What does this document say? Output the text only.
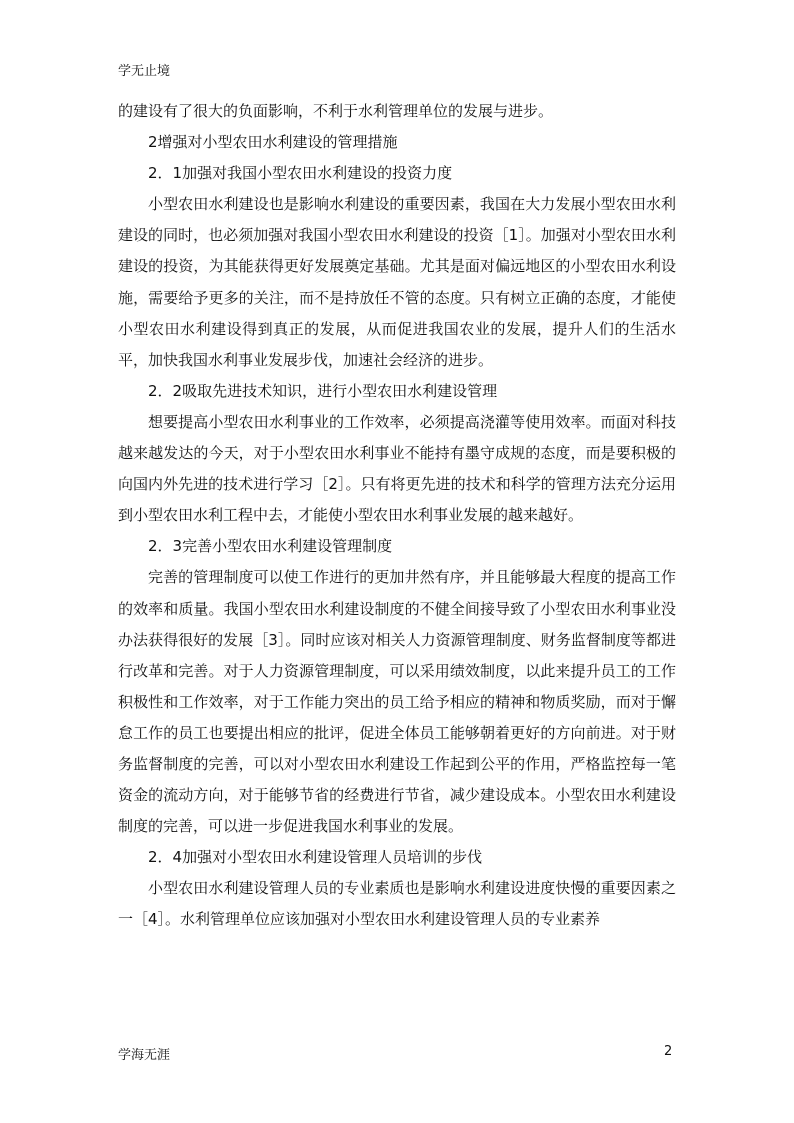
学无止境

的建设有了很大的负面影响，不利于水利管理单位的发展与进步。

2增强对小型农田水利建设的管理措施

2．1加强对我国小型农田水利建设的投资力度

小型农田水利建设也是影响水利建设的重要因素，我国在大力发展小型农田水利建设的同时，也必须加强对我国小型农田水利建设的投资［1］。加强对小型农田水利建设的投资，为其能获得更好发展奠定基础。尤其是面对偏远地区的小型农田水利设施，需要给予更多的关注，而不是持放任不管的态度。只有树立正确的态度，才能使小型农田水利建设得到真正的发展，从而促进我国农业的发展，提升人们的生活水平，加快我国水利事业发展步伐，加速社会经济的进步。

2．2吸取先进技术知识，进行小型农田水利建设管理

想要提高小型农田水利事业的工作效率，必须提高浇灌等使用效率。而面对科技越来越发达的今天，对于小型农田水利事业不能持有墨守成规的态度，而是要积极的向国内外先进的技术进行学习［2］。只有将更先进的技术和科学的管理方法充分运用到小型农田水利工程中去，才能使小型农田水利事业发展的越来越好。

2．3完善小型农田水利建设管理制度

完善的管理制度可以使工作进行的更加井然有序，并且能够最大程度的提高工作的效率和质量。我国小型农田水利建设制度的不健全间接导致了小型农田水利事业没办法获得很好的发展［3］。同时应该对相关人力资源管理制度、财务监督制度等都进行改革和完善。对于人力资源管理制度，可以采用绩效制度，以此来提升员工的工作积极性和工作效率，对于工作能力突出的员工给予相应的精神和物质奖励，而对于懈怠工作的员工也要提出相应的批评，促进全体员工能够朝着更好的方向前进。对于财务监督制度的完善，可以对小型农田水利建设工作起到公平的作用，严格监控每一笔资金的流动方向，对于能够节省的经费进行节省，减少建设成本。小型农田水利建设制度的完善，可以进一步促进我国水利事业的发展。

2．4加强对小型农田水利建设管理人员培训的步伐

小型农田水利建设管理人员的专业素质也是影响水利建设进度快慢的重要因素之一［4］。水利管理单位应该加强对小型农田水利建设管理人员的专业素养

学海无涯	2
